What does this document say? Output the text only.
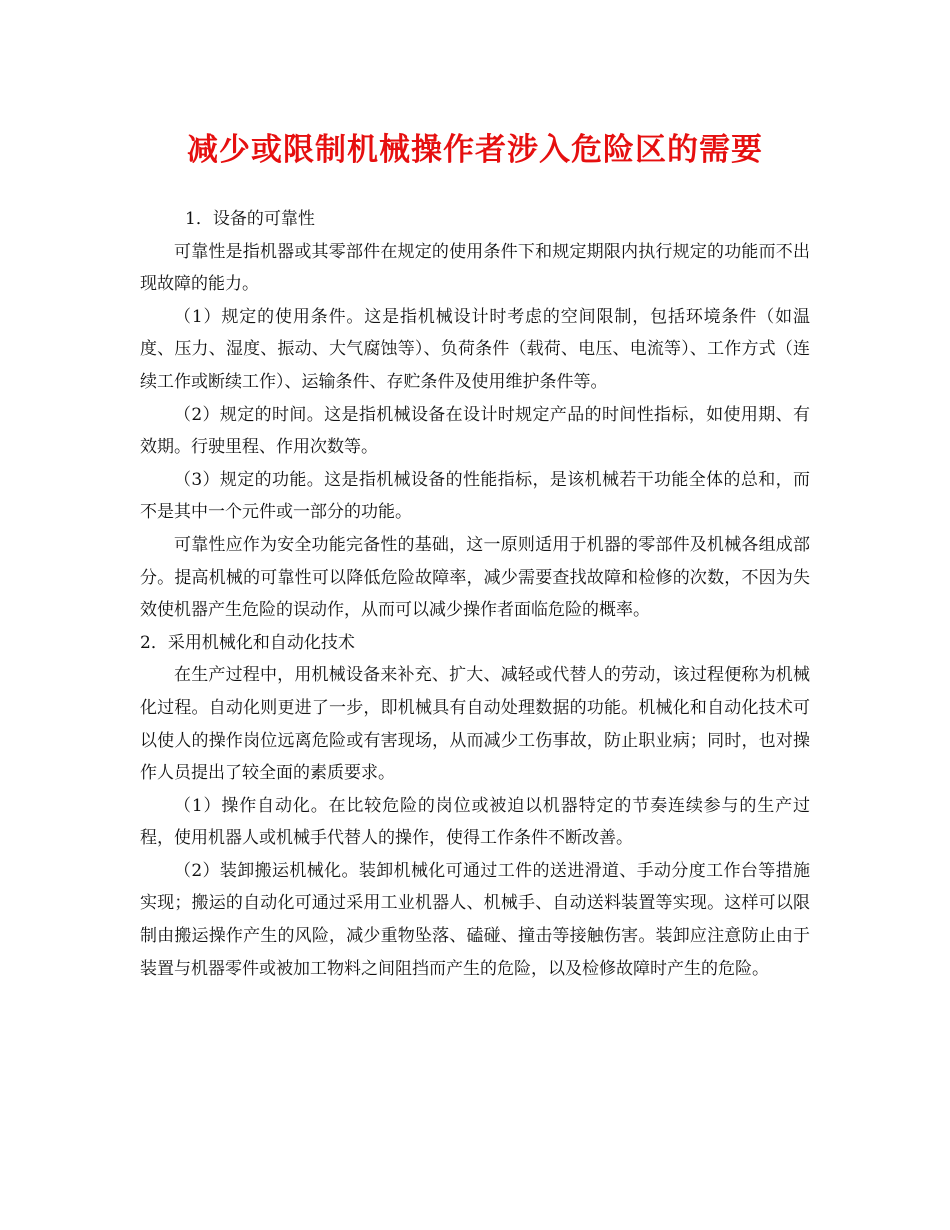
减少或限制机械操作者涉入危险区的需要

1．设备的可靠性

可靠性是指机器或其零部件在规定的使用条件下和规定期限内执行规定的功能而不出现故障的能力。

（1）规定的使用条件。这是指机械设计时考虑的空间限制，包括环境条件（如温度、压力、湿度、振动、大气腐蚀等）、负荷条件（载荷、电压、电流等）、工作方式（连续工作或断续工作）、运输条件、存贮条件及使用维护条件等。

（2）规定的时间。这是指机械设备在设计时规定产品的时间性指标，如使用期、有效期。行驶里程、作用次数等。

（3）规定的功能。这是指机械设备的性能指标，是该机械若干功能全体的总和，而不是其中一个元件或一部分的功能。

可靠性应作为安全功能完备性的基础，这一原则适用于机器的零部件及机械各组成部分。提高机械的可靠性可以降低危险故障率，减少需要查找故障和检修的次数，不因为失效使机器产生危险的误动作，从而可以减少操作者面临危险的概率。

2．采用机械化和自动化技术

在生产过程中，用机械设备来补充、扩大、减轻或代替人的劳动，该过程便称为机械化过程。自动化则更进了一步，即机械具有自动处理数据的功能。机械化和自动化技术可以使人的操作岗位远离危险或有害现场，从而减少工伤事故，防止职业病；同时，也对操作人员提出了较全面的素质要求。

（1）操作自动化。在比较危险的岗位或被迫以机器特定的节奏连续参与的生产过程，使用机器人或机械手代替人的操作，使得工作条件不断改善。

（2）装卸搬运机械化。装卸机械化可通过工件的送进滑道、手动分度工作台等措施实现；搬运的自动化可通过采用工业机器人、机械手、自动送料装置等实现。这样可以限制由搬运操作产生的风险，减少重物坠落、磕碰、撞击等接触伤害。装卸应注意防止由于装置与机器零件或被加工物料之间阻挡而产生的危险，以及检修故障时产生的危险。
